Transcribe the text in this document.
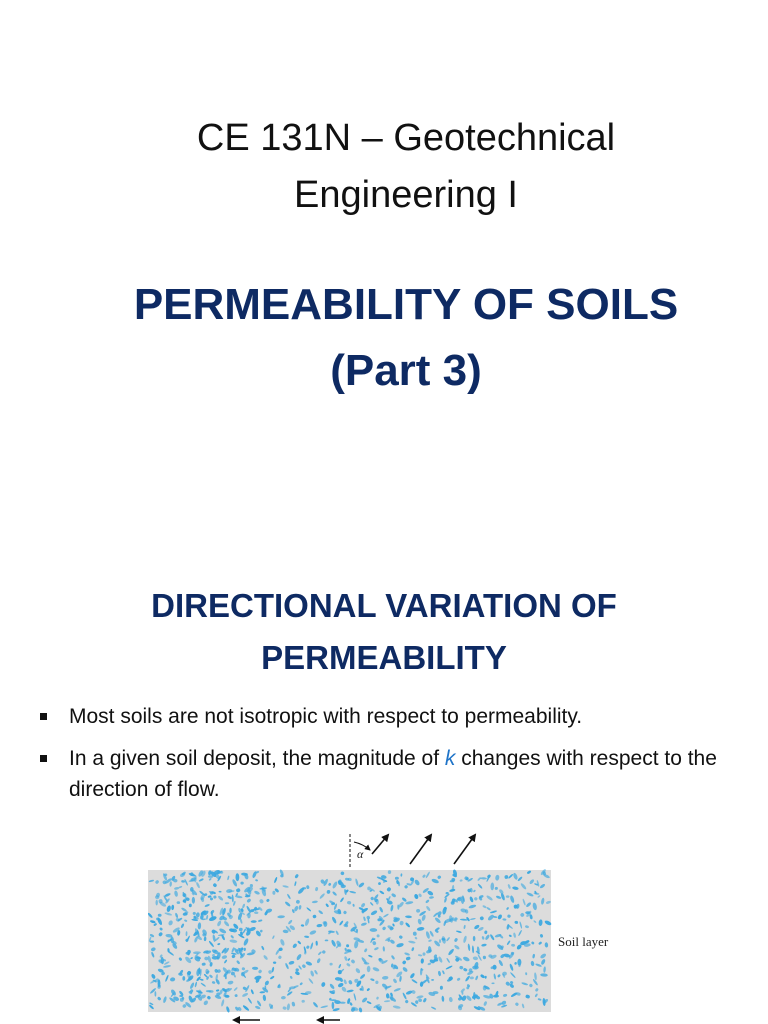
CE 131N – Geotechnical
Engineering I
PERMEABILITY OF SOILS
(Part 3)
DIRECTIONAL VARIATION OF
PERMEABILITY
Most soils are not isotropic with respect to permeability.
In a given soil deposit, the magnitude of k changes with respect to the direction of flow.
α
Soil layer
